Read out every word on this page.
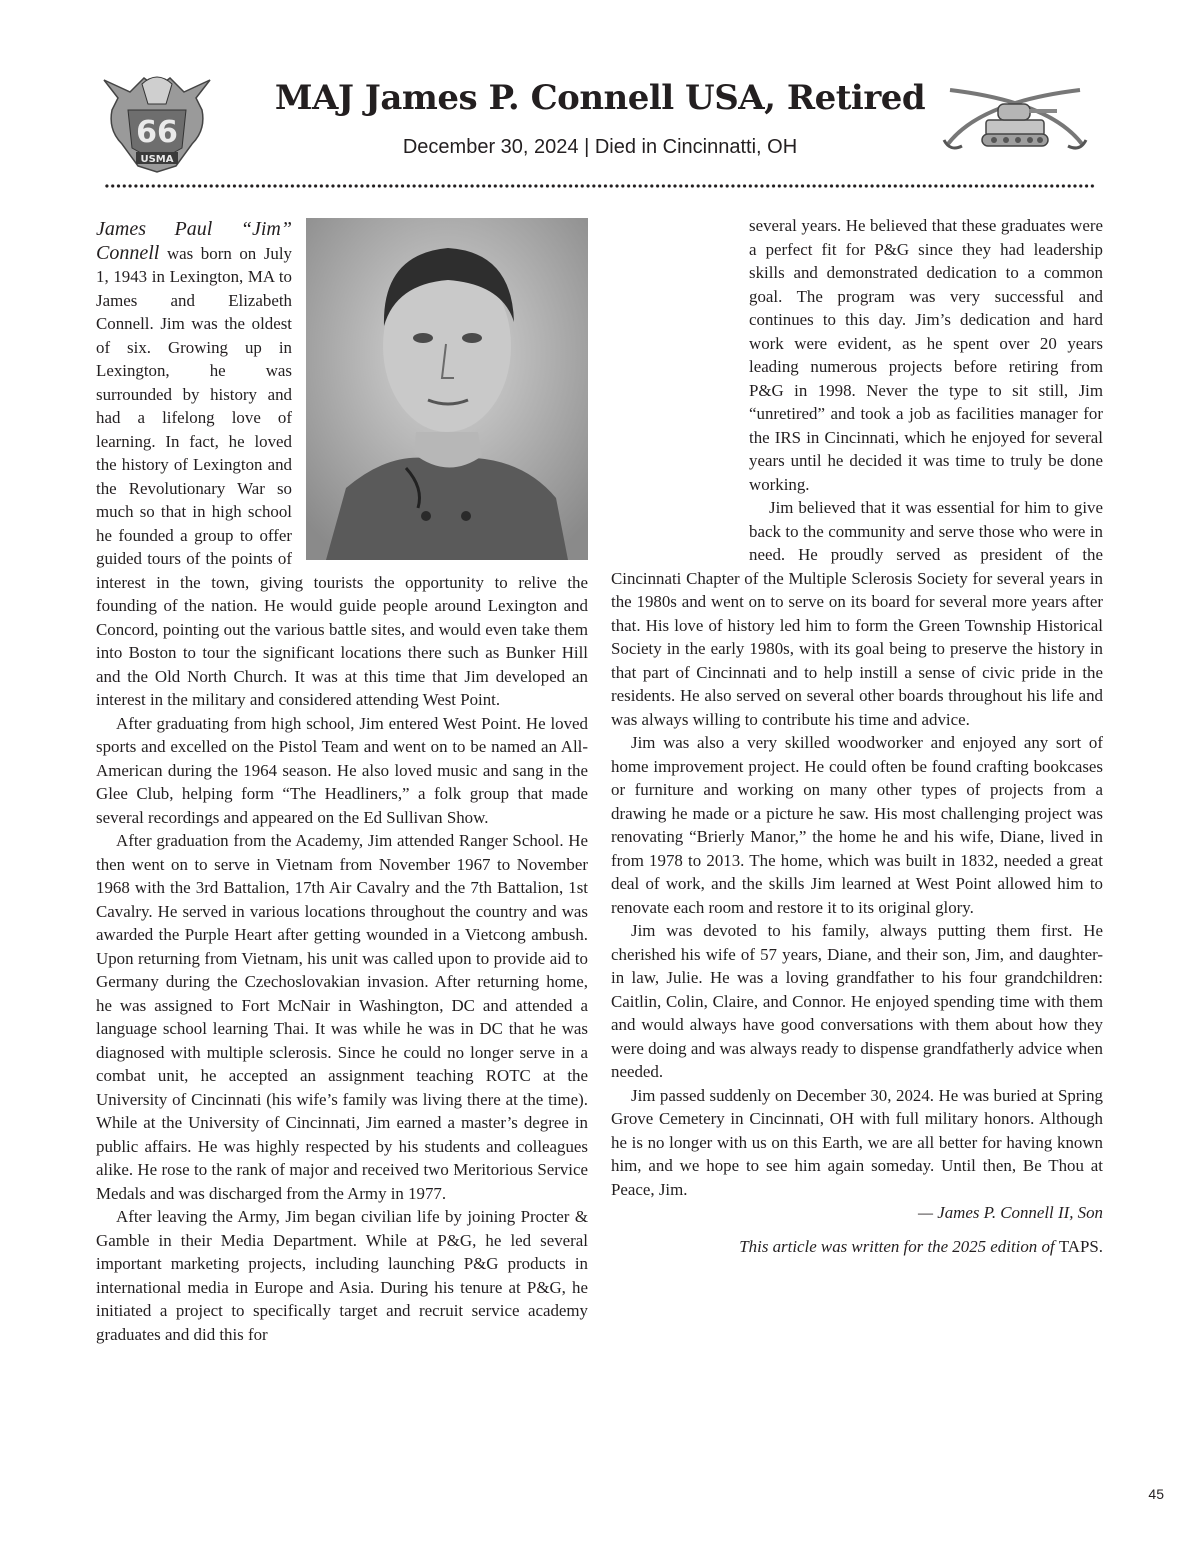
66
USMA
MAJ James P. Connell USA, Retired

December 30, 2024 | Died in Cincinnatti, OH

James Paul “Jim” Connell was born on July 1, 1943 in Lexington, MA to James and Elizabeth Connell. Jim was the oldest of six. Growing up in Lexington, he was surrounded by history and had a lifelong love of learning. In fact, he loved the history of Lexington and the Revolutionary War so much so that in high school he founded a group to offer guided tours of the points of interest in the town, giving tourists the opportunity to relive the founding of the nation. He would guide people around Lexington and Concord, pointing out the various battle sites, and would even take them into Boston to tour the significant locations there such as Bunker Hill and the Old North Church. It was at this time that Jim developed an interest in the military and considered attending West Point.

After graduating from high school, Jim entered West Point. He loved sports and excelled on the Pistol Team and went on to be named an All-American during the 1964 season. He also loved music and sang in the Glee Club, helping form “The Headliners,” a folk group that made several recordings and appeared on the Ed Sullivan Show.

After graduation from the Academy, Jim attended Ranger School. He then went on to serve in Vietnam from November 1967 to November 1968 with the 3rd Battalion, 17th Air Cavalry and the 7th Battalion, 1st Cavalry. He served in various locations throughout the country and was awarded the Purple Heart after getting wounded in a Vietcong ambush. Upon returning from Vietnam, his unit was called upon to provide aid to Germany during the Czechoslovakian invasion. After returning home, he was assigned to Fort McNair in Washington, DC and attended a language school learning Thai. It was while he was in DC that he was diagnosed with multiple sclerosis. Since he could no longer serve in a combat unit, he accepted an assignment teaching ROTC at the University of Cincinnati (his wife’s family was living there at the time). While at the University of Cincinnati, Jim earned a master’s degree in public affairs. He was highly respected by his students and colleagues alike. He rose to the rank of major and received two Meritorious Service Medals and was discharged from the Army in 1977.

After leaving the Army, Jim began civilian life by joining Procter & Gamble in their Media Department. While at P&G, he led several important marketing projects, including launching P&G products in international media in Europe and Asia. During his tenure at P&G, he initiated a project to specifically target and recruit service academy graduates and did this for

several years. He believed that these graduates were a perfect fit for P&G since they had leadership skills and demonstrated dedication to a common goal. The program was very successful and continues to this day. Jim’s dedication and hard work were evident, as he spent over 20 years leading numerous projects before retiring from P&G in 1998. Never the type to sit still, Jim “unretired” and took a job as facilities manager for the IRS in Cincinnati, which he enjoyed for several years until he decided it was time to truly be done working.

Jim believed that it was essential for him to give back to the community and serve those who were in need. He proudly served as president of the Cincinnati Chapter of the Multiple Sclerosis Society for several years in the 1980s and went on to serve on its board for several more years after that. His love of history led him to form the Green Township Historical Society in the early 1980s, with its goal being to preserve the history in that part of Cincinnati and to help instill a sense of civic pride in the residents. He also served on several other boards throughout his life and was always willing to contribute his time and advice.

Jim was also a very skilled woodworker and enjoyed any sort of home improvement project. He could often be found crafting bookcases or furniture and working on many other types of projects from a drawing he made or a picture he saw. His most challenging project was renovating “Brierly Manor,” the home he and his wife, Diane, lived in from 1978 to 2013. The home, which was built in 1832, needed a great deal of work, and the skills Jim learned at West Point allowed him to renovate each room and restore it to its original glory.

Jim was devoted to his family, always putting them first. He cherished his wife of 57 years, Diane, and their son, Jim, and daughter-in law, Julie. He was a loving grandfather to his four grandchildren: Caitlin, Colin, Claire, and Connor. He enjoyed spending time with them and would always have good conversations with them about how they were doing and was always ready to dispense grandfatherly advice when needed.

Jim passed suddenly on December 30, 2024. He was buried at Spring Grove Cemetery in Cincinnati, OH with full military honors. Although he is no longer with us on this Earth, we are all better for having known him, and we hope to see him again someday. Until then, Be Thou at Peace, Jim.

— James P. Connell II, Son

This article was written for the 2025 edition of TAPS.

45
